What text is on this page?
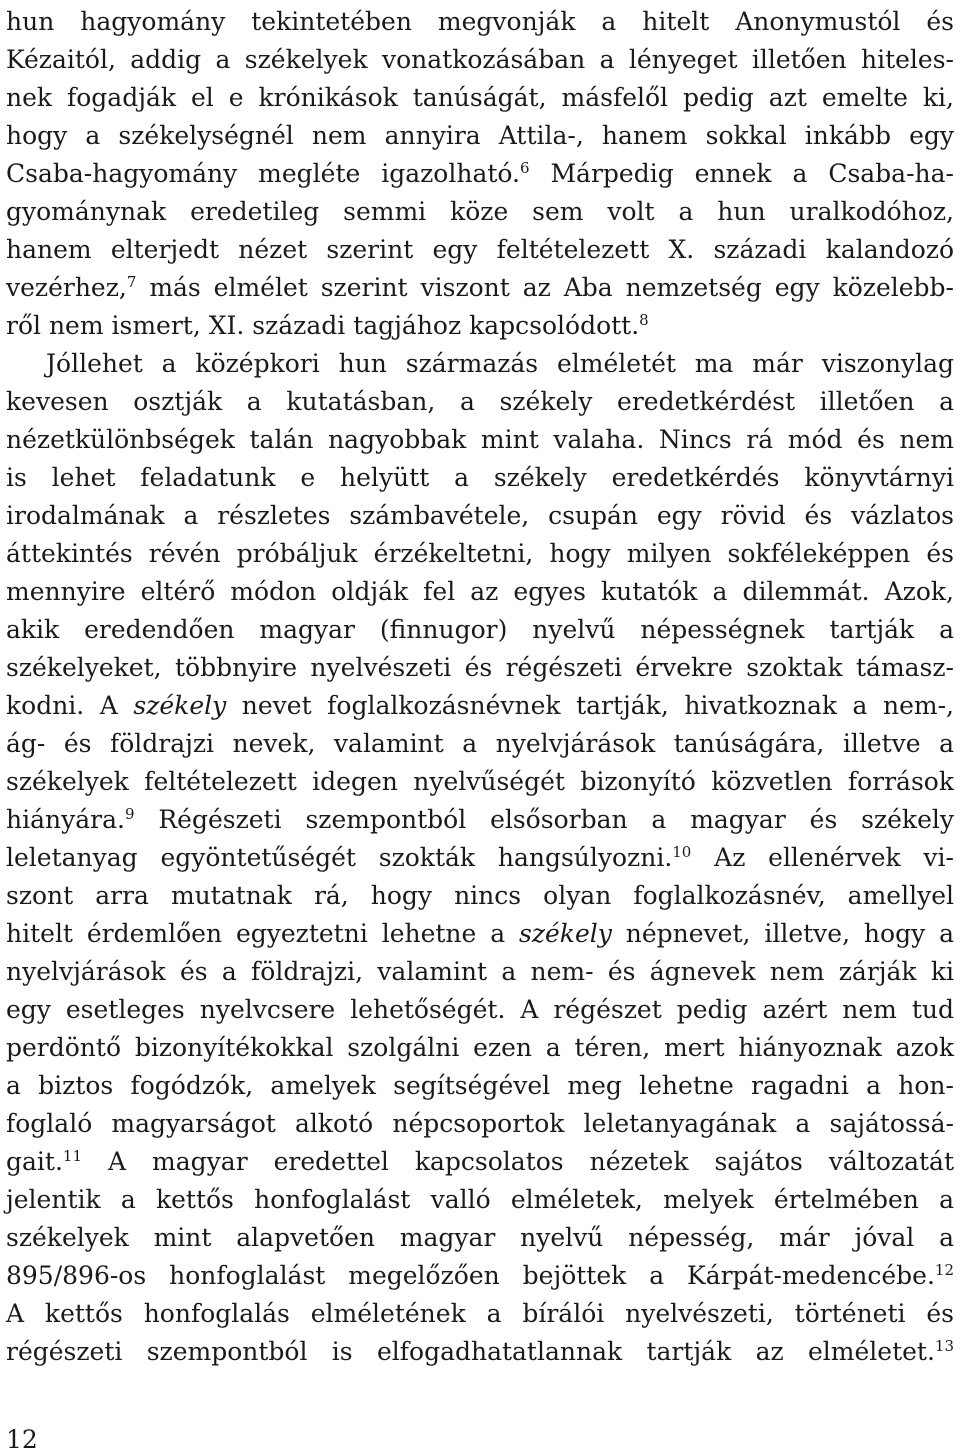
hun hagyomány tekintetében megvonják a hitelt Anonymustól és
Kézaitól, addig a székelyek vonatkozásában a lényeget illetően hiteles-
nek fogadják el e krónikások tanúságát, másfelől pedig azt emelte ki,
hogy a székelységnél nem annyira Attila-, hanem sokkal inkább egy
Csaba-hagyomány megléte igazolható.$^6$ Márpedig ennek a Csaba-ha-
gyománynak eredetileg semmi köze sem volt a hun uralkodóhoz,
hanem elterjedt nézet szerint egy feltételezett X. századi kalandozó
vezérhez,$^7$ más elmélet szerint viszont az Aba nemzetség egy közelebb-
ről nem ismert, XI. századi tagjához kapcsolódott.$^8$
Jóllehet a középkori hun származás elméletét ma már viszonylag
kevesen osztják a kutatásban, a székely eredetkérdést illetően a
nézetkülönbségek talán nagyobbak mint valaha. Nincs rá mód és nem
is lehet feladatunk e helyütt a székely eredetkérdés könyvtárnyi
irodalmának a részletes számbavétele, csupán egy rövid és vázlatos
áttekintés révén próbáljuk érzékeltetni, hogy milyen sokféleképpen és
mennyire eltérő módon oldják fel az egyes kutatók a dilemmát. Azok,
akik eredendően magyar (finnugor) nyelvű népességnek tartják a
székelyeket, többnyire nyelvészeti és régészeti érvekre szoktak támasz-
kodni. A székely nevet foglalkozásnévnek tartják, hivatkoznak a nem-,
ág- és földrajzi nevek, valamint a nyelvjárások tanúságára, illetve a
székelyek feltételezett idegen nyelvűségét bizonyító közvetlen források
hiányára.$^9$ Régészeti szempontból elsősorban a magyar és székely
leletanyag egyöntetűségét szokták hangsúlyozni.$^{10}$ Az ellenérvek vi-
szont arra mutatnak rá, hogy nincs olyan foglalkozásnév, amellyel
hitelt érdemlően egyeztetni lehetne a székely népnevet, illetve, hogy a
nyelvjárások és a földrajzi, valamint a nem- és ágnevek nem zárják ki
egy esetleges nyelvcsere lehetőségét. A régészet pedig azért nem tud
perdöntő bizonyítékokkal szolgálni ezen a téren, mert hiányoznak azok
a biztos fogódzók, amelyek segítségével meg lehetne ragadni a hon-
foglaló magyarságot alkotó népcsoportok leletanyagának a sajátossá-
gait.$^{11}$ A magyar eredettel kapcsolatos nézetek sajátos változatát
jelentik a kettős honfoglalást valló elméletek, melyek értelmében a
székelyek mint alapvetően magyar nyelvű népesség, már jóval a
895/896-os honfoglalást megelőzően bejöttek a Kárpát-medencébe.$^{12}$
A kettős honfoglalás elméletének a bírálói nyelvészeti, történeti és
régészeti szempontból is elfogadhatatlannak tartják az elméletet.$^{13}$
12
